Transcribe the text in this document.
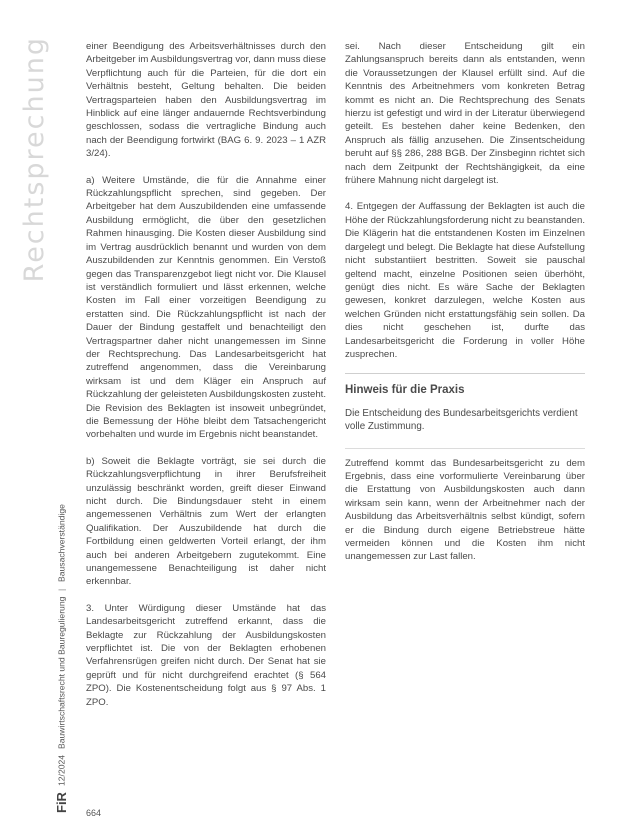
Rechtsprechung
FiR
12/2024
Bauwirtschaftsrecht und Bauregulierung
|
Bausachverständige
664

einer Beendigung des Arbeitsverhältnisses durch den Arbeitgeber im Ausbildungsvertrag vor, dann muss diese Verpflichtung auch für die Parteien, für die dort ein Verhältnis besteht, Geltung behalten. Die beiden Vertragsparteien haben den Ausbildungsvertrag im Hinblick auf eine länger andauernde Rechtsverbindung geschlossen, sodass die vertragliche Bindung auch nach der Beendigung fortwirkt (BAG 6. 9. 2023 – 1 AZR 3/24).

a) Weitere Umstände, die für die Annahme einer Rückzahlungspflicht sprechen, sind gegeben. Der Arbeitgeber hat dem Auszubildenden eine umfassende Ausbildung ermöglicht, die über den gesetzlichen Rahmen hinausging. Die Kosten dieser Ausbildung sind im Vertrag ausdrücklich benannt und wurden von dem Auszubildenden zur Kenntnis genommen. Ein Verstoß gegen das Transparenzgebot liegt nicht vor. Die Klausel ist verständlich formuliert und lässt erkennen, welche Kosten im Fall einer vorzeitigen Beendigung zu erstatten sind. Die Rückzahlungspflicht ist nach der Dauer der Bindung gestaffelt und benachteiligt den Vertragspartner daher nicht unangemessen im Sinne der Rechtsprechung. Das Landesarbeitsgericht hat zutreffend angenommen, dass die Vereinbarung wirksam ist und dem Kläger ein Anspruch auf Rückzahlung der geleisteten Ausbildungskosten zusteht. Die Revision des Beklagten ist insoweit unbegründet, die Bemessung der Höhe bleibt dem Tatsachengericht vorbehalten und wurde im Ergebnis nicht beanstandet.

b) Soweit die Beklagte vorträgt, sie sei durch die Rückzahlungsverpflichtung in ihrer Berufsfreiheit unzulässig beschränkt worden, greift dieser Einwand nicht durch. Die Bindungsdauer steht in einem angemessenen Verhältnis zum Wert der erlangten Qualifikation. Der Auszubildende hat durch die Fortbildung einen geldwerten Vorteil erlangt, der ihm auch bei anderen Arbeitgebern zugutekommt. Eine unangemessene Benachteiligung ist daher nicht erkennbar.

3. Unter Würdigung dieser Umstände hat das Landesarbeitsgericht zutreffend erkannt, dass die Beklagte zur Rückzahlung der Ausbildungskosten verpflichtet ist. Die von der Beklagten erhobenen Verfahrensrügen greifen nicht durch. Der Senat hat sie geprüft und für nicht durchgreifend erachtet (§ 564 ZPO). Die Kostenentscheidung folgt aus § 97 Abs. 1 ZPO.

sei. Nach dieser Entscheidung gilt ein Zahlungsanspruch bereits dann als entstanden, wenn die Voraussetzungen der Klausel erfüllt sind. Auf die Kenntnis des Arbeitnehmers vom konkreten Betrag kommt es nicht an. Die Rechtsprechung des Senats hierzu ist gefestigt und wird in der Literatur überwiegend geteilt. Es bestehen daher keine Bedenken, den Anspruch als fällig anzusehen. Die Zinsentscheidung beruht auf §§ 286, 288 BGB. Der Zinsbeginn richtet sich nach dem Zeitpunkt der Rechtshängigkeit, da eine frühere Mahnung nicht dargelegt ist.

4. Entgegen der Auffassung der Beklagten ist auch die Höhe der Rückzahlungsforderung nicht zu beanstanden. Die Klägerin hat die entstandenen Kosten im Einzelnen dargelegt und belegt. Die Beklagte hat diese Aufstellung nicht substantiiert bestritten. Soweit sie pauschal geltend macht, einzelne Positionen seien überhöht, genügt dies nicht. Es wäre Sache der Beklagten gewesen, konkret darzulegen, welche Kosten aus welchen Gründen nicht erstattungsfähig sein sollen. Da dies nicht geschehen ist, durfte das Landesarbeitsgericht die Forderung in voller Höhe zusprechen.

Hinweis für die Praxis
Die Entscheidung des Bundesarbeitsgerichts verdient volle Zustimmung.
Zutreffend kommt das Bundesarbeitsgericht zu dem Ergebnis, dass eine vorformulierte Vereinbarung über die Erstattung von Ausbildungskosten auch dann wirksam sein kann, wenn der Arbeitnehmer nach der Ausbildung das Arbeitsverhältnis selbst kündigt, sofern er die Bindung durch eigene Betriebstreue hätte vermeiden können und die Kosten ihm nicht unangemessen zur Last fallen.
